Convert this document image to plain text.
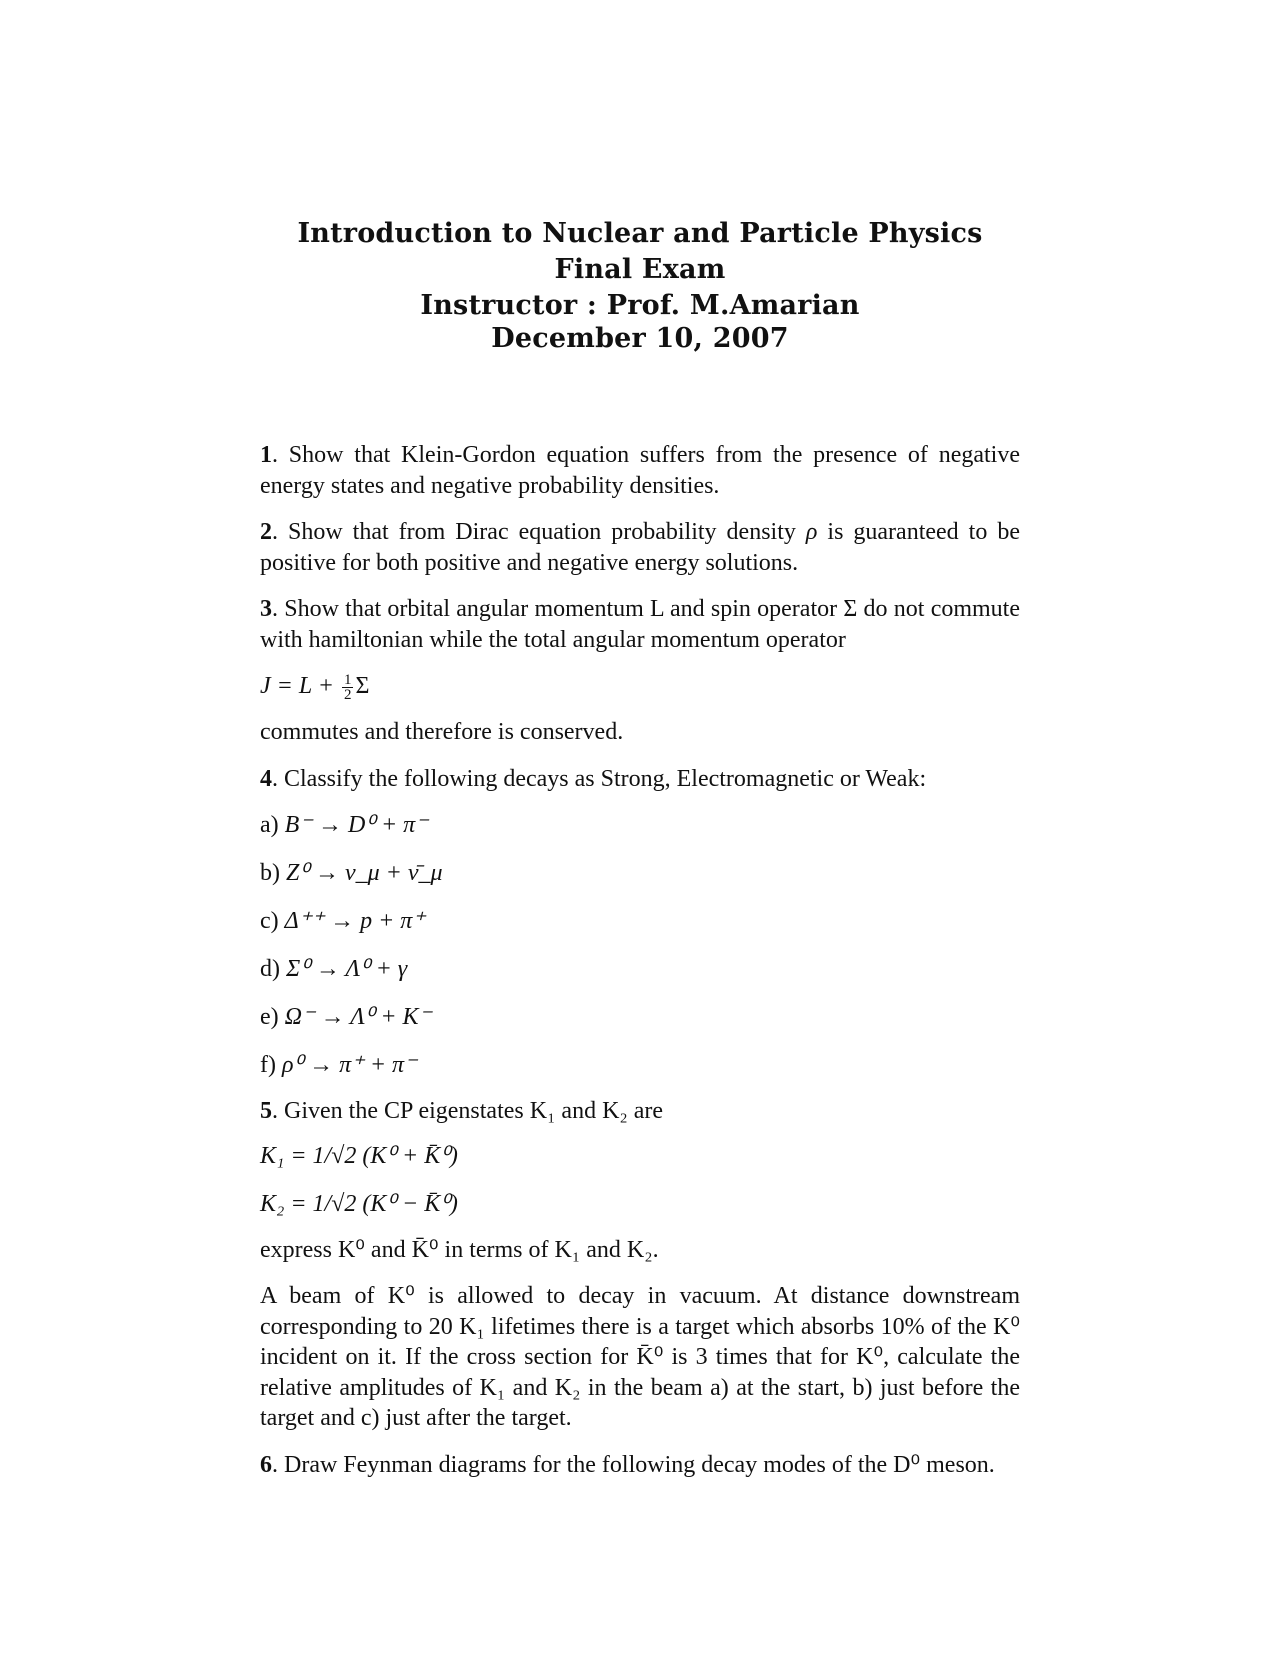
Introduction to Nuclear and Particle Physics
Final Exam
Instructor : Prof. M.Amarian
December 10, 2007

1. Show that Klein-Gordon equation suffers from the presence of negative energy states and negative probability densities.

2. Show that from Dirac equation probability density ρ is guaranteed to be positive for both positive and negative energy solutions.

3. Show that orbital angular momentum L and spin operator Σ do not commute with hamiltonian while the total angular momentum operator

$J = L + \frac{1}{2}$ Σ

commutes and therefore is conserved.

4. Classify the following decays as Strong, Electromagnetic or Weak:

a) B⁻ → D⁰ + π⁻
b) Z⁰ → ν_μ + ν̄_μ
c) Δ⁺⁺ → p + π⁺
d) Σ⁰ → Λ⁰ + γ
e) Ω⁻ → Λ⁰ + K⁻
f) ρ⁰ → π⁺ + π⁻

5. Given the CP eigenstates K₁ and K₂ are

K₁ = 1/√2 (K⁰ + K̄⁰)
K₂ = 1/√2 (K⁰ − K̄⁰)

express K⁰ and K̄⁰ in terms of K₁ and K₂.

A beam of K⁰ is allowed to decay in vacuum. At distance downstream corresponding to 20 K₁ lifetimes there is a target which absorbs 10% of the K⁰ incident on it. If the cross section for K̄⁰ is 3 times that for K⁰, calculate the relative amplitudes of K₁ and K₂ in the beam a) at the start, b) just before the target and c) just after the target.

6. Draw Feynman diagrams for the following decay modes of the D⁰ meson.
